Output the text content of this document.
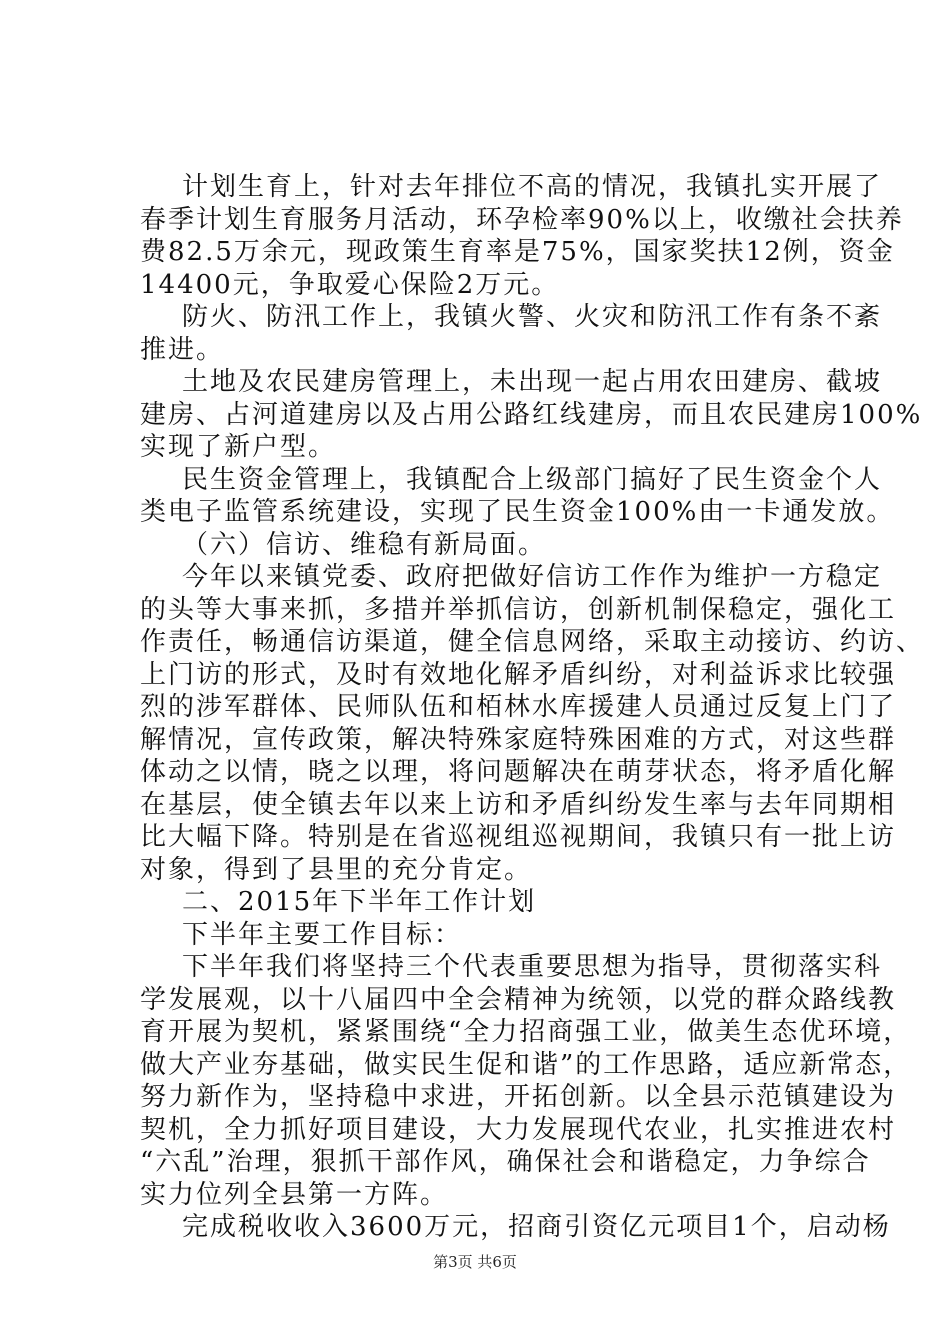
计划生育上，针对去年排位不高的情况，我镇扎实开展了
春季计划生育服务月活动，环孕检率90%以上，收缴社会扶养
费82.5万余元，现政策生育率是75%，国家奖扶12例，资金
14400元，争取爱心保险2万元。
防火、防汛工作上，我镇火警、火灾和防汛工作有条不紊
推进。
土地及农民建房管理上，未出现一起占用农田建房、截坡
建房、占河道建房以及占用公路红线建房，而且农民建房100%
实现了新户型。
民生资金管理上，我镇配合上级部门搞好了民生资金个人
类电子监管系统建设，实现了民生资金100%由一卡通发放。
（六）信访、维稳有新局面。
今年以来镇党委、政府把做好信访工作作为维护一方稳定
的头等大事来抓，多措并举抓信访，创新机制保稳定，强化工
作责任，畅通信访渠道，健全信息网络，采取主动接访、约访、
上门访的形式，及时有效地化解矛盾纠纷，对利益诉求比较强
烈的涉军群体、民师队伍和栢林水库援建人员通过反复上门了
解情况，宣传政策，解决特殊家庭特殊困难的方式，对这些群
体动之以情，晓之以理，将问题解决在萌芽状态，将矛盾化解
在基层，使全镇去年以来上访和矛盾纠纷发生率与去年同期相
比大幅下降。特别是在省巡视组巡视期间，我镇只有一批上访
对象，得到了县里的充分肯定。
二、2015年下半年工作计划
下半年主要工作目标：
下半年我们将坚持三个代表重要思想为指导，贯彻落实科
学发展观，以十八届四中全会精神为统领，以党的群众路线教
育开展为契机，紧紧围绕“全力招商强工业，做美生态优环境，
做大产业夯基础，做实民生促和谐”的工作思路，适应新常态，
努力新作为，坚持稳中求进，开拓创新。以全县示范镇建设为
契机，全力抓好项目建设，大力发展现代农业，扎实推进农村
“六乱”治理，狠抓干部作风，确保社会和谐稳定，力争综合
实力位列全县第一方阵。
完成税收收入3600万元，招商引资亿元项目1个，启动杨
第3页 共6页
